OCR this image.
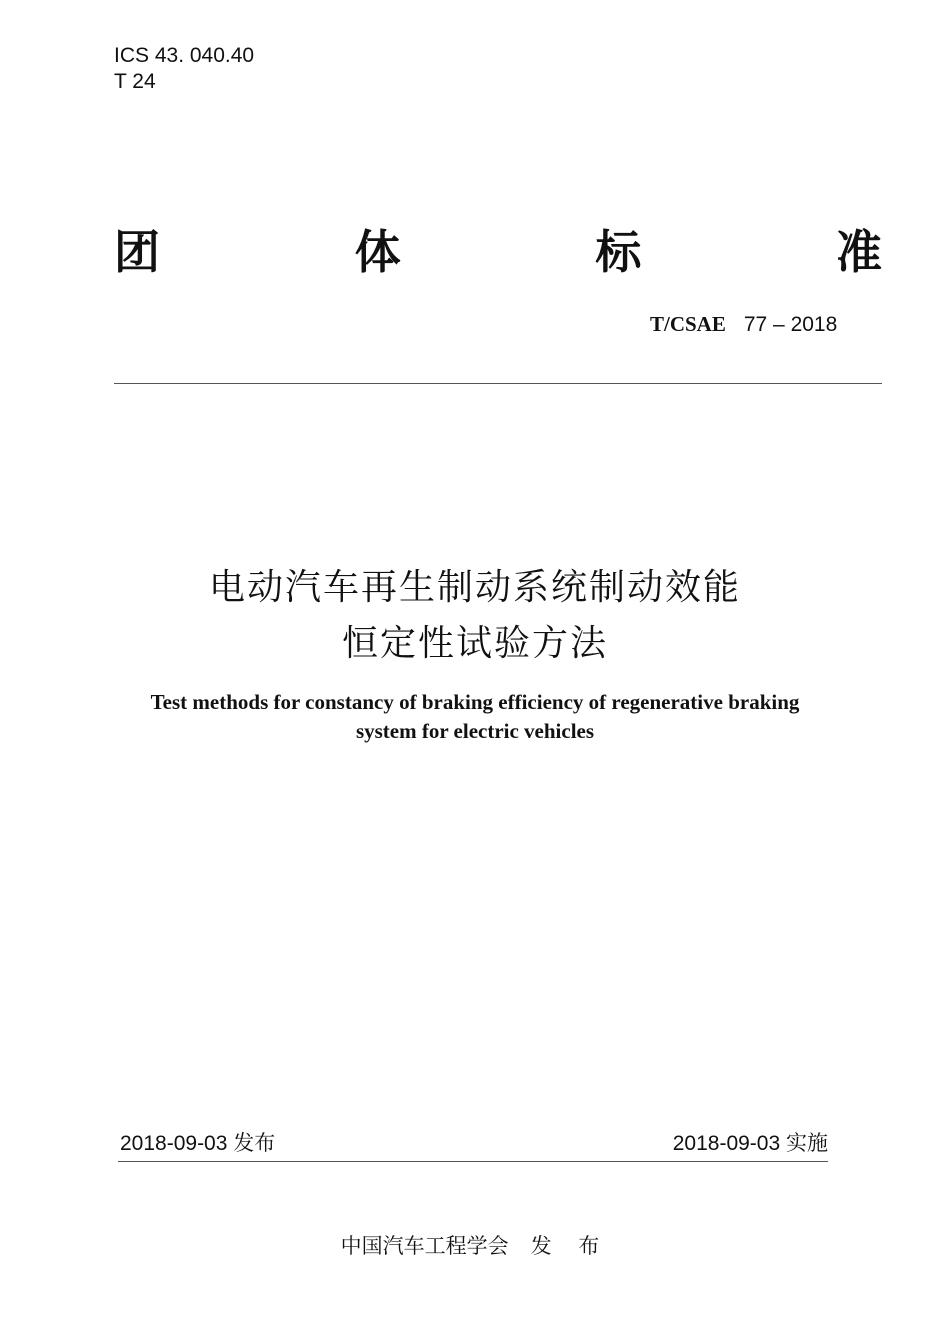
ICS 43. 040.40
T 24
团	体	标	准
T/CSAE 77 – 2018
电动汽车再生制动系统制动效能
恒定性试验方法
Test methods for constancy of braking efficiency of regenerative braking
system for electric vehicles
2018-09-03 发布	2018-09-03 实施
中国汽车工程学会 发 布
